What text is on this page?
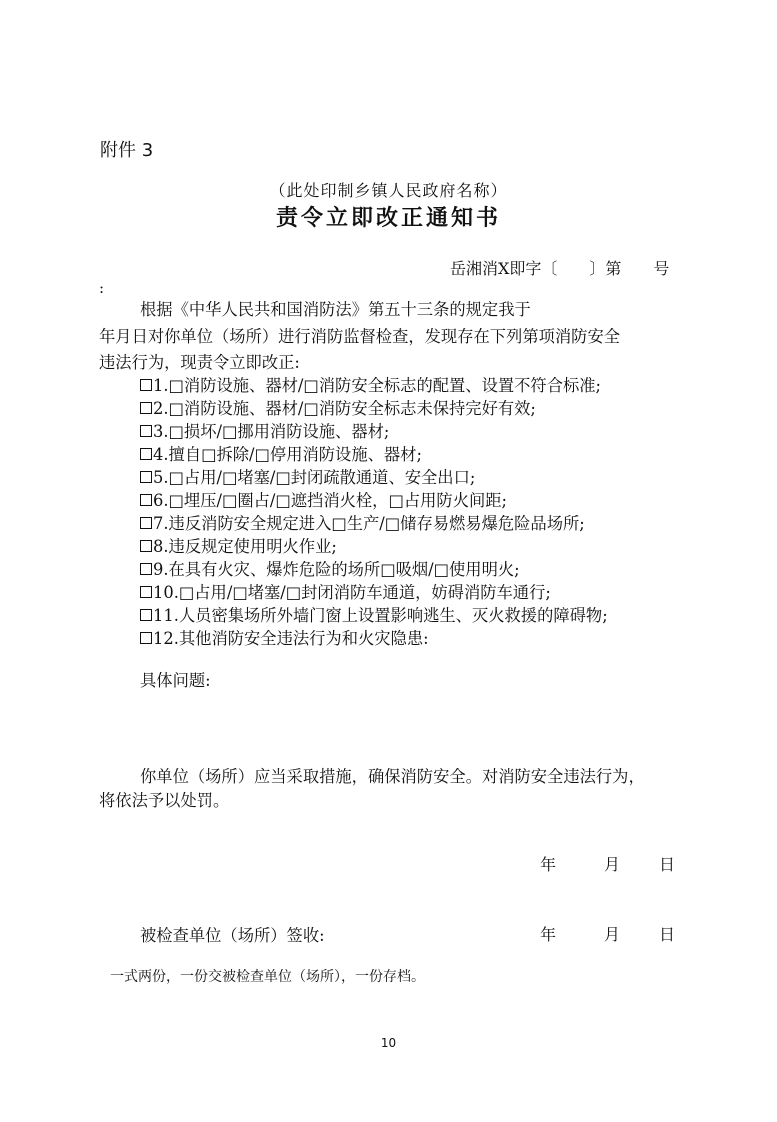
附件 3
（此处印制乡镇人民政府名称）
责令立即改正通知书
岳湘消X即字〔　　〕第　　号
:
根据《中华人民共和国消防法》第五十三条的规定我于
年月日对你单位（场所）进行消防监督检查，发现存在下列第项消防安全
违法行为，现责令立即改正:
1.□消防设施、器材/□消防安全标志的配置、设置不符合标准;
2.□消防设施、器材/□消防安全标志未保持完好有效;
3.□损坏/□挪用消防设施、器材;
4.擅自□拆除/□停用消防设施、器材;
5.□占用/□堵塞/□封闭疏散通道、安全出口;
6.□埋压/□圈占/□遮挡消火栓，□占用防火间距;
7.违反消防安全规定进入□生产/□储存易燃易爆危险品场所;
8.违反规定使用明火作业;
9.在具有火灾、爆炸危险的场所□吸烟/□使用明火;
10.□占用/□堵塞/□封闭消防车通道，妨碍消防车通行;
11.人员密集场所外墙门窗上设置影响逃生、灭火救援的障碍物;
12.其他消防安全违法行为和火灾隐患:
具体问题:
你单位（场所）应当采取措施，确保消防安全。对消防安全违法行为，
将依法予以处罚。
年	月 日
被检查单位（场所）签收:	年	月 日
一式两份，一份交被检查单位（场所），一份存档。
10
